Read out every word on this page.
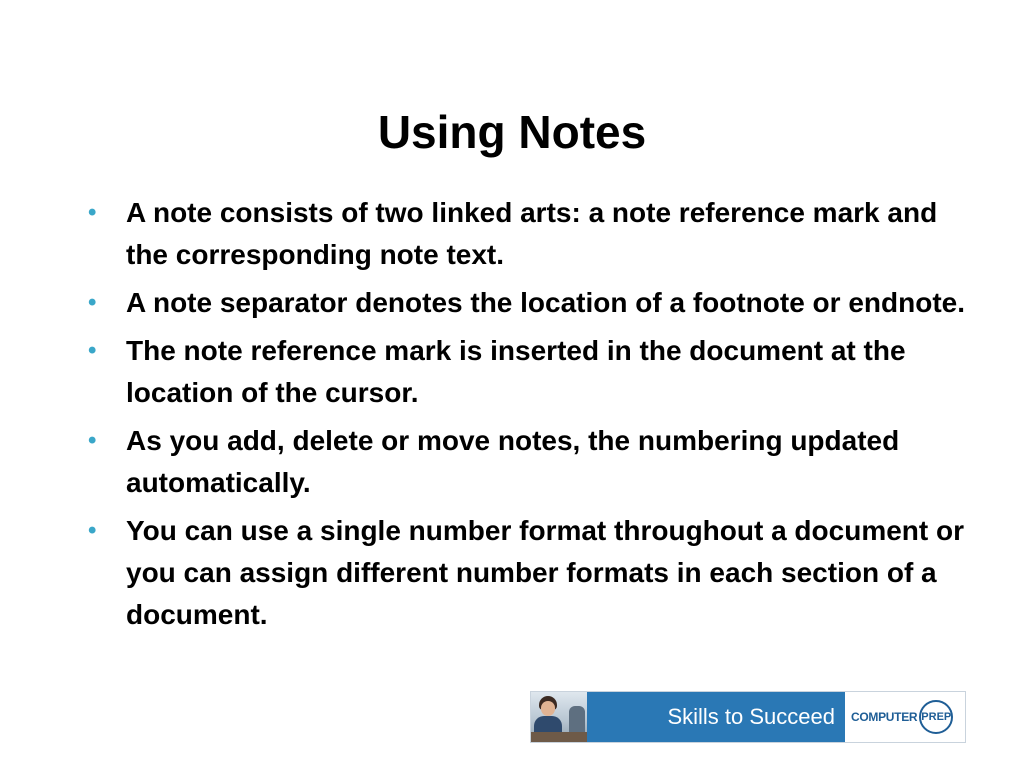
Using Notes
• A note consists of two linked arts: a note reference mark and the corresponding note text.
• A note separator denotes the location of a footnote or endnote.
• The note reference mark is inserted in the document at the location of the cursor.
• As you add, delete or move notes, the numbering updated automatically.
• You can use a single number format throughout a document or you can assign different number formats in each section of a document.
Skills to Succeed COMPUTER PREP
